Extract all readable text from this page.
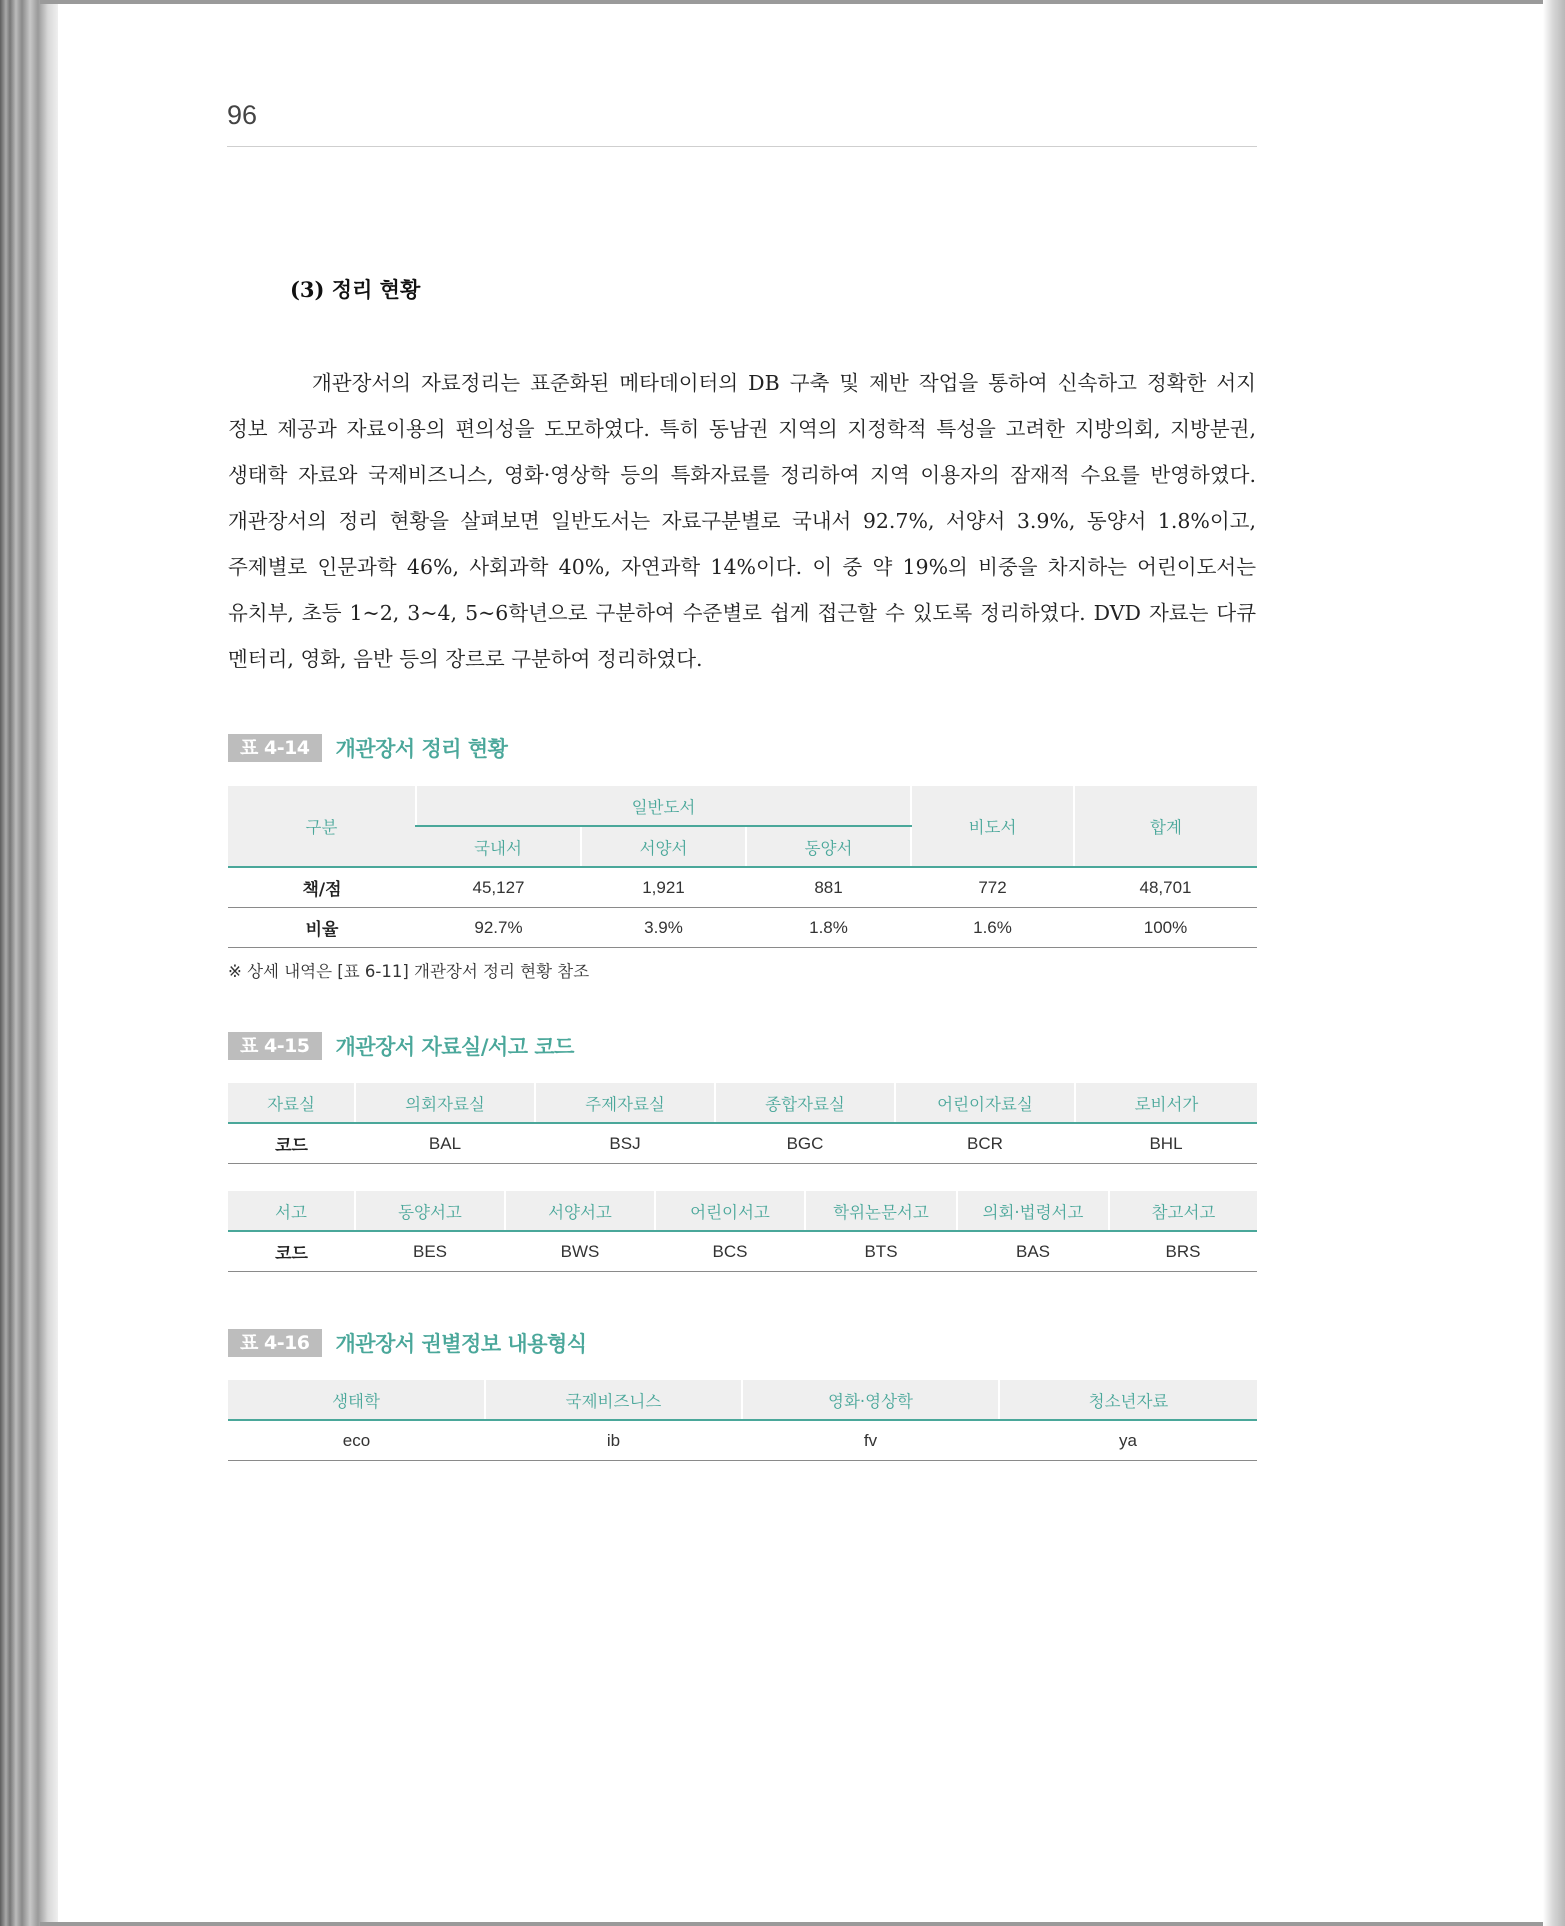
96
(3) 정리 현황
개관장서의 자료정리는 표준화된 메타데이터의 DB 구축 및 제반 작업을 통하여 신속하고 정확한 서지
정보 제공과 자료이용의 편의성을 도모하였다. 특히 동남권 지역의 지정학적 특성을 고려한 지방의회, 지방분권,
생태학 자료와 국제비즈니스, 영화·영상학 등의 특화자료를 정리하여 지역 이용자의 잠재적 수요를 반영하였다.
개관장서의 정리 현황을 살펴보면 일반도서는 자료구분별로 국내서 92.7%, 서양서 3.9%, 동양서 1.8%이고,
주제별로 인문과학 46%, 사회과학 40%, 자연과학 14%이다. 이 중 약 19%의 비중을 차지하는 어린이도서는
유치부, 초등 1~2, 3~4, 5~6학년으로 구분하여 수준별로 쉽게 접근할 수 있도록 정리하였다. DVD 자료는 다큐
멘터리, 영화, 음반 등의 장르로 구분하여 정리하였다.
표 4-14	개관장서 정리 현황
구분	일반도서			비도서	합계
	국내서	서양서	동양서		
책/점	45,127	1,921	881	772	48,701
비율	92.7%	3.9%	1.8%	1.6%	100%
※ 상세 내역은 [표 6-11] 개관장서 정리 현황 참조
표 4-15	개관장서 자료실/서고 코드
자료실	의회자료실	주제자료실	종합자료실	어린이자료실	로비서가
코드	BAL	BSJ	BGC	BCR	BHL
서고	동양서고	서양서고	어린이서고	학위논문서고	의회·법령서고	참고서고
코드	BES	BWS	BCS	BTS	BAS	BRS
표 4-16	개관장서 권별정보 내용형식
생태학	국제비즈니스	영화·영상학	청소년자료
eco	ib	fv	ya
